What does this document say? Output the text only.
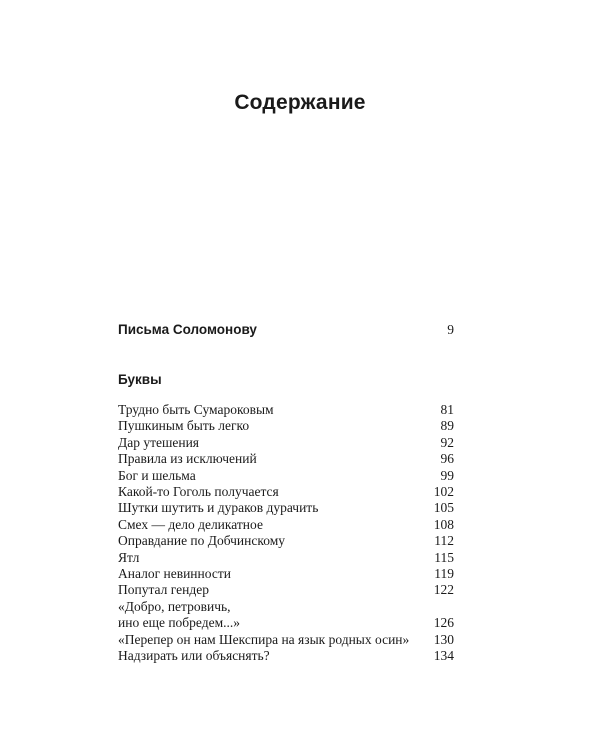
Содержание
Письма Соломонову	9
Буквы
Трудно быть Сумароковым	81
Пушкиным быть легко	89
Дар утешения	92
Правила из исключений	96
Бог и шельма	99
Какой-то Гоголь получается	102
Шутки шутить и дураков дурачить	105
Смех — дело деликатное	108
Оправдание по Добчинскому	112
Ятл	115
Аналог невинности	119
Попутал гендер	122
«Добро, петровичь,
ино еще побредем...»	126
«Перепер он нам Шекспира на язык родных осин»	130
Надзирать или объяснять?	134
